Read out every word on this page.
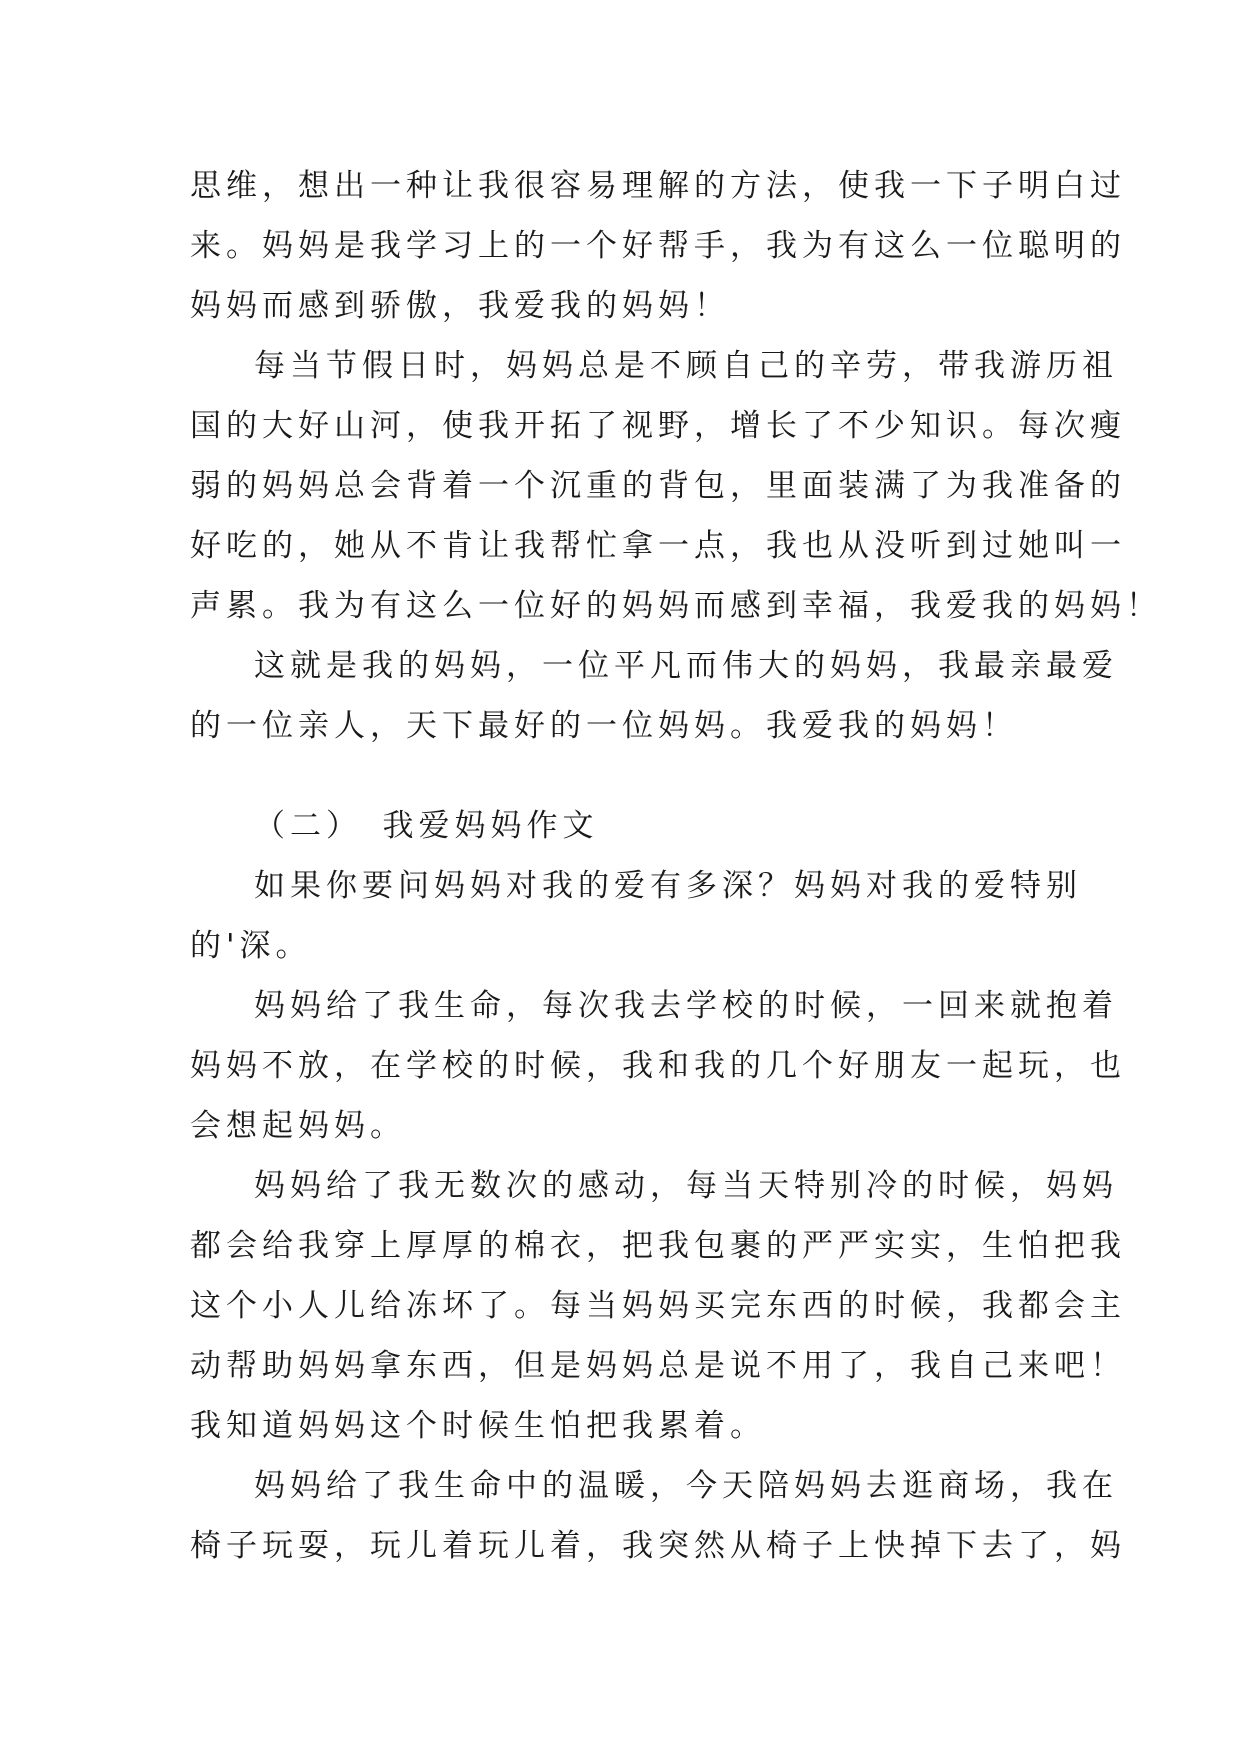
思维，想出一种让我很容易理解的方法，使我一下子明白过
来。妈妈是我学习上的一个好帮手，我为有这么一位聪明的
妈妈而感到骄傲，我爱我的妈妈！
每当节假日时，妈妈总是不顾自己的辛劳，带我游历祖
国的大好山河，使我开拓了视野，增长了不少知识。每次瘦
弱的妈妈总会背着一个沉重的背包，里面装满了为我准备的
好吃的，她从不肯让我帮忙拿一点，我也从没听到过她叫一
声累。我为有这么一位好的妈妈而感到幸福，我爱我的妈妈！
这就是我的妈妈，一位平凡而伟大的妈妈，我最亲最爱
的一位亲人，天下最好的一位妈妈。我爱我的妈妈！
（二）　我爱妈妈作文
如果你要问妈妈对我的爱有多深？妈妈对我的爱特别
的'深。
妈妈给了我生命，每次我去学校的时候，一回来就抱着
妈妈不放，在学校的时候，我和我的几个好朋友一起玩，也
会想起妈妈。
妈妈给了我无数次的感动，每当天特别冷的时候，妈妈
都会给我穿上厚厚的棉衣，把我包裹的严严实实，生怕把我
这个小人儿给冻坏了。每当妈妈买完东西的时候，我都会主
动帮助妈妈拿东西，但是妈妈总是说不用了，我自己来吧！
我知道妈妈这个时候生怕把我累着。
妈妈给了我生命中的温暖，今天陪妈妈去逛商场，我在
椅子玩耍，玩儿着玩儿着，我突然从椅子上快掉下去了，妈
